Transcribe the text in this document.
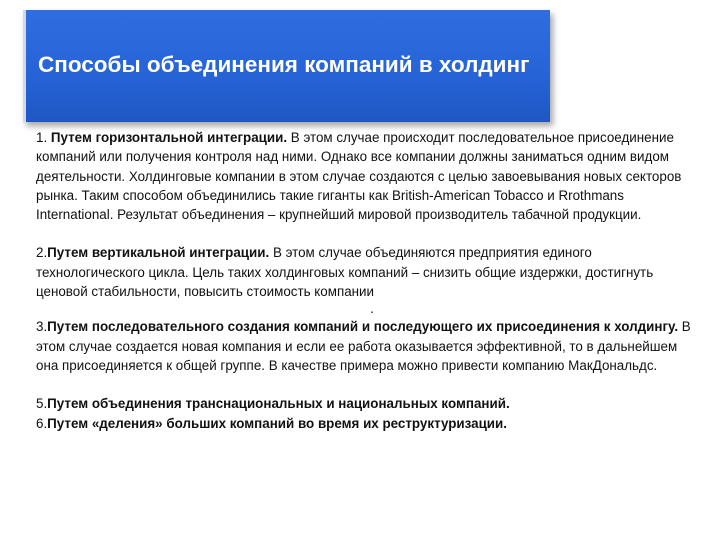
Способы объединения компаний в холдинг

1. Путем горизонтальной интеграции. В этом случае происходит последовательное присоединение компаний или получения контроля над ними. Однако все компании должны заниматься одним видом деятельности. Холдинговые компании в этом случае создаются с целью завоевывания новых секторов рынка. Таким способом объединились такие гиганты как British-American Tobacco и Rrothmans International. Результат объединения – крупнейший мировой производитель табачной продукции.

2.Путем вертикальной интеграции. В этом случае объединяются предприятия единого технологического цикла. Цель таких холдинговых компаний – снизить общие издержки, достигнуть ценовой стабильности, повысить стоимость компании

.

3.Путем последовательного создания компаний и последующего их присоединения к холдингу. В этом случае создается новая компания и если ее работа оказывается эффективной, то в дальнейшем она присоединяется к общей группе. В качестве примера можно привести компанию МакДональдс.

5.Путем объединения транснациональных и национальных компаний.

6.Путем «деления» больших компаний во время их реструктуризации.
